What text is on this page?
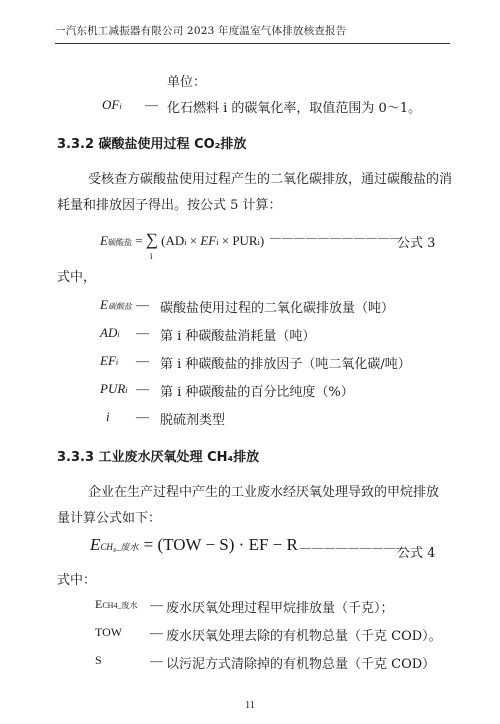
一汽东机工减振器有限公司 2023 年度温室气体排放核查报告
单位：
OFi — 化石燃料 i 的碳氧化率，取值范围为 0～1。
3.3.2 碳酸盐使用过程 CO₂排放
受核查方碳酸盐使用过程产生的二氧化碳排放，通过碳酸盐的消
耗量和排放因子得出。按公式 5 计算：
E碳酸盐 = ∑ (ADi × EFi × PURi) ———————————
公式 3
i
式中，
E碳酸盐 — 碳酸盐使用过程的二氧化碳排放量（吨）
ADi — 第 i 种碳酸盐消耗量（吨）
EFi — 第 i 种碳酸盐的排放因子（吨二氧化碳/吨）
PURi — 第 i 种碳酸盐的百分比纯度（%）
i — 脱硫剂类型
3.3.3 工业废水厌氧处理 CH₄排放
企业在生产过程中产生的工业废水经厌氧处理导致的甲烷排放
量计算公式如下：
ECH₄_废水 = (TOW − S) · EF − R —————————
公式 4
式中：
ECH4_废水 — 废水厌氧处理过程甲烷排放量（千克）；
TOW — 废水厌氧处理去除的有机物总量（千克 COD）。
S	— 以污泥方式清除掉的有机物总量（千克 COD）
11
